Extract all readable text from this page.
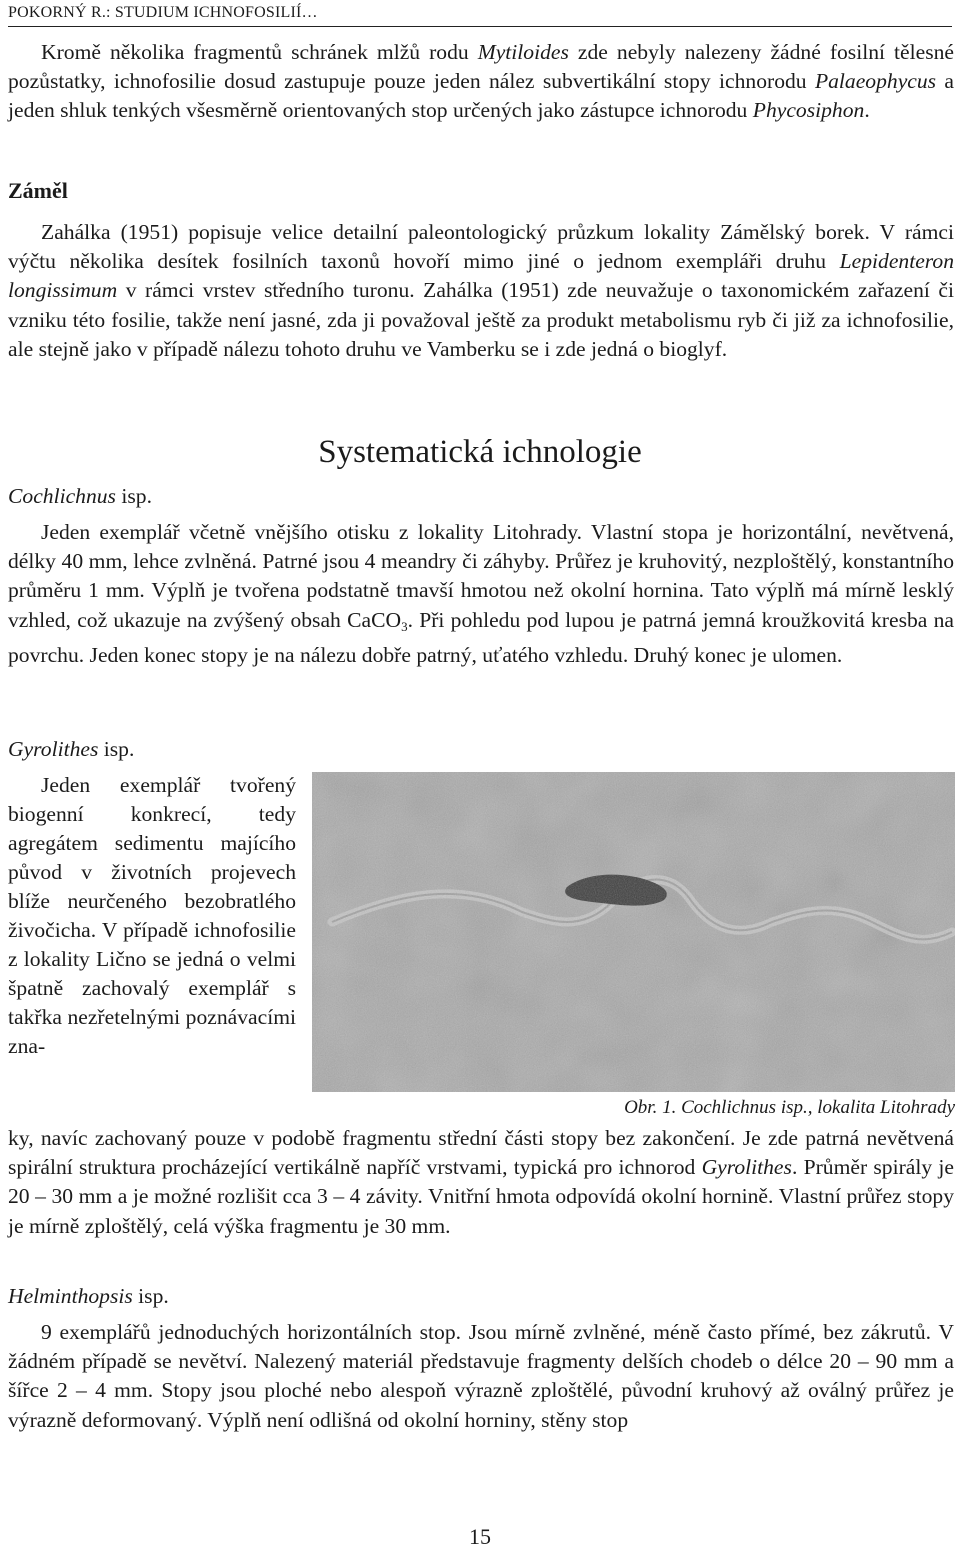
POKORNÝ R.: STUDIUM ICHNOFOSILIÍ…

Kromě několika fragmentů schránek mlžů rodu Mytiloides zde nebyly nalezeny žádné fosilní tělesné pozůstatky, ichnofosilie dosud zastupuje pouze jeden nález subvertikální stopy ichnorodu Palaeophycus a jeden shluk tenkých všesměrně orientovaných stop určených jako zástupce ichnorodu Phycosiphon.

Záměl

Zahálka (1951) popisuje velice detailní paleontologický průzkum lokality Zámělský borek. V rámci výčtu několika desítek fosilních taxonů hovoří mimo jiné o jednom exempláři druhu Lepidenteron longissimum v rámci vrstev středního turonu. Zahálka (1951) zde neuvažuje o taxonomickém zařazení či vzniku této fosilie, takže není jasné, zda ji považoval ještě za produkt metabolismu ryb či již za ichnofosilie, ale stejně jako v případě nálezu tohoto druhu ve Vamberku se i zde jedná o bioglyf.

Systematická ichnologie
Cochlichnus isp.

Jeden exemplář včetně vnějšího otisku z lokality Litohrady. Vlastní stopa je horizontální, nevětvená, délky 40 mm, lehce zvlněná. Patrné jsou 4 meandry či záhyby. Průřez je kruhovitý, nezploštělý, konstantního průměru 1 mm. Výplň je tvořena podstatně tmavší hmotou než okolní hornina. Tato výplň má mírně lesklý vzhled, což ukazuje na zvýšený obsah CaCO$_3$. Při pohledu pod lupou je patrná jemná kroužkovitá kresba na povrchu. Jeden konec stopy je na nálezu dobře patrný, uťatého vzhledu. Druhý konec je ulomen.

Gyrolithes isp.

Jeden exemplář tvořený biogenní konkrecí, tedy agregátem sedimentu majícího původ v životních projevech blíže neurčeného bezobratlého živočicha. V případě ichnofosilie z lokality Lično se jedná o velmi špatně zachovalý exemplář s takřka nezřetelnými poznávacími zna-

Obr. 1. Cochlichnus isp., lokalita Litohrady

ky, navíc zachovaný pouze v podobě fragmentu střední části stopy bez zakončení. Je zde patrná nevětvená spirální struktura procházející vertikálně napříč vrstvami, typická pro ichnorod Gyrolithes. Průměr spirály je 20 – 30 mm a je možné rozlišit cca 3 – 4 závity. Vnitřní hmota odpovídá okolní hornině. Vlastní průřez stopy je mírně zploštělý, celá výška fragmentu je 30 mm.

Helminthopsis isp.

9 exemplářů jednoduchých horizontálních stop. Jsou mírně zvlněné, méně často přímé, bez zákrutů. V žádném případě se nevětví. Nalezený materiál představuje fragmenty delších chodeb o délce 20 – 90 mm a šířce 2 – 4 mm. Stopy jsou ploché nebo alespoň výrazně zploštělé, původní kruhový až oválný průřez je výrazně deformovaný. Výplň není odlišná od okolní horniny, stěny stop

15
